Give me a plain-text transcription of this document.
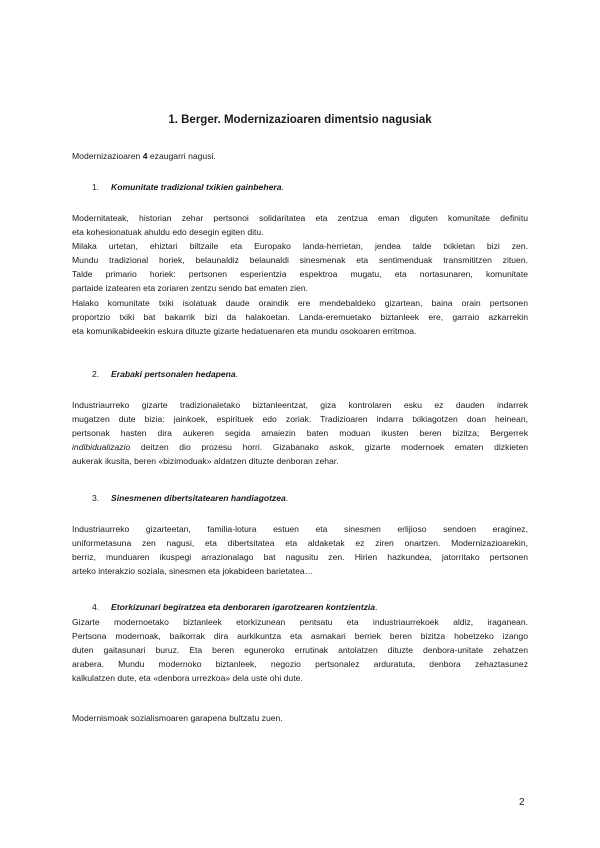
1. Berger. Modernizazioaren dimentsio nagusiak

Modernizazioaren 4 ezaugarri nagusi.

1. Komunitate tradizional txikien gainbehera.

Modernitateak, historian zehar pertsonoi solidaritatea eta zentzua eman diguten komunitate definitu
eta kohesionatuak ahuldu edo desegin egiten ditu.
Milaka urtetan, ehiztari biltzaile eta Europako landa-herrietan, jendea talde txikietan bizi zen.
Mundu tradizional horiek, belaunaldiz belaunaldi sinesmenak eta sentimenduak transmititzen zituen.
Talde primario horiek: pertsonen esperientzia espektroa mugatu, eta nortasunaren, komunitate
partaide izatearen eta zoriaren zentzu sendo bat ematen zien.
Halako komunitate txiki isolatuak daude oraindik ere mendebaldeko gizartean, baina orain pertsonen
proportzio txiki bat bakarrik bizi da halakoetan. Landa-eremuetako biztanleek ere, garraio azkarrekin
eta komunikabideekin eskura dituzte gizarte hedatuenaren eta mundu osokoaren erritmoa.

2. Erabaki pertsonalen hedapena.

Industriaurreko gizarte tradizionaletako biztanleentzat, giza kontrolaren esku ez dauden indarrek
mugatzen dute bizia: jainkoek, espirituek edo zoriak. Tradizioaren indarra txikiagotzen doan heinean,
pertsonak hasten dira aukeren segida amaiezin baten moduan ikusten beren bizitza; Bergerrek
indibidualizazio deitzen dio prozesu horri. Gizabanako askok, gizarte modernoek ematen dizkieten
aukerak ikusita, beren «bizimoduak» aldatzen dituzte denboran zehar.

3. Sinesmenen dibertsitatearen handiagotzea.

Industriaurreko gizarteetan, familia-lotura estuen eta sinesmen erlijioso sendoen eraginez,
uniformetasuna zen nagusi, eta dibertsitatea eta aldaketak ez ziren onartzen. Modernizazioarekin,
berriz, munduaren ikuspegi arrazionalago bat nagusitu zen. Hirien hazkundea, jatorritako pertsonen
arteko interakzio soziala, sinesmen eta jokabideen barietatea…

4. Etorkizunari begiratzea eta denboraren igarotzearen kontzientzia.

Gizarte modernoetako biztanleek etorkizunean pentsatu eta industriaurrekoek aldiz, iraganean.
Pertsona modernoak, baikorrak dira aurkikuntza eta asmakari berriek beren bizitza hobetzeko izango
duten gaitasunari buruz. Eta beren eguneroko errutinak antolatzen dituzte denbora-unitate zehatzen
arabera. Mundu modernoko biztanleek, negozio pertsonalez arduratuta, denbora zehaztasunez
kalkulatzen dute, eta «denbora urrezkoa» dela uste ohi dute.

Modernismoak sozialismoaren garapena bultzatu zuen.

2
